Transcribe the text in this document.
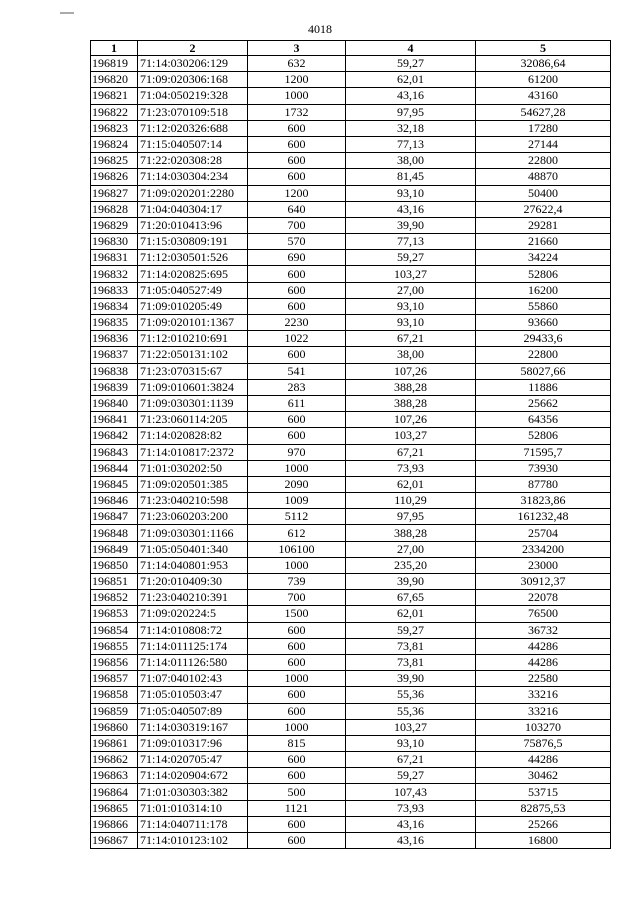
4018
1	2	3	4	5
196819	71:14:030206:129	632	59,27	32086,64
196820	71:09:020306:168	1200	62,01	61200
196821	71:04:050219:328	1000	43,16	43160
196822	71:23:070109:518	1732	97,95	54627,28
196823	71:12:020326:688	600	32,18	17280
196824	71:15:040507:14	600	77,13	27144
196825	71:22:020308:28	600	38,00	22800
196826	71:14:030304:234	600	81,45	48870
196827	71:09:020201:2280	1200	93,10	50400
196828	71:04:040304:17	640	43,16	27622,4
196829	71:20:010413:96	700	39,90	29281
196830	71:15:030809:191	570	77,13	21660
196831	71:12:030501:526	690	59,27	34224
196832	71:14:020825:695	600	103,27	52806
196833	71:05:040527:49	600	27,00	16200
196834	71:09:010205:49	600	93,10	55860
196835	71:09:020101:1367	2230	93,10	93660
196836	71:12:010210:691	1022	67,21	29433,6
196837	71:22:050131:102	600	38,00	22800
196838	71:23:070315:67	541	107,26	58027,66
196839	71:09:010601:3824	283	388,28	11886
196840	71:09:030301:1139	611	388,28	25662
196841	71:23:060114:205	600	107,26	64356
196842	71:14:020828:82	600	103,27	52806
196843	71:14:010817:2372	970	67,21	71595,7
196844	71:01:030202:50	1000	73,93	73930
196845	71:09:020501:385	2090	62,01	87780
196846	71:23:040210:598	1009	110,29	31823,86
196847	71:23:060203:200	5112	97,95	161232,48
196848	71:09:030301:1166	612	388,28	25704
196849	71:05:050401:340	106100	27,00	2334200
196850	71:14:040801:953	1000	235,20	23000
196851	71:20:010409:30	739	39,90	30912,37
196852	71:23:040210:391	700	67,65	22078
196853	71:09:020224:5	1500	62,01	76500
196854	71:14:010808:72	600	59,27	36732
196855	71:14:011125:174	600	73,81	44286
196856	71:14:011126:580	600	73,81	44286
196857	71:07:040102:43	1000	39,90	22580
196858	71:05:010503:47	600	55,36	33216
196859	71:05:040507:89	600	55,36	33216
196860	71:14:030319:167	1000	103,27	103270
196861	71:09:010317:96	815	93,10	75876,5
196862	71:14:020705:47	600	67,21	44286
196863	71:14:020904:672	600	59,27	30462
196864	71:01:030303:382	500	107,43	53715
196865	71:01:010314:10	1121	73,93	82875,53
196866	71:14:040711:178	600	43,16	25266
196867	71:14:010123:102	600	43,16	16800
